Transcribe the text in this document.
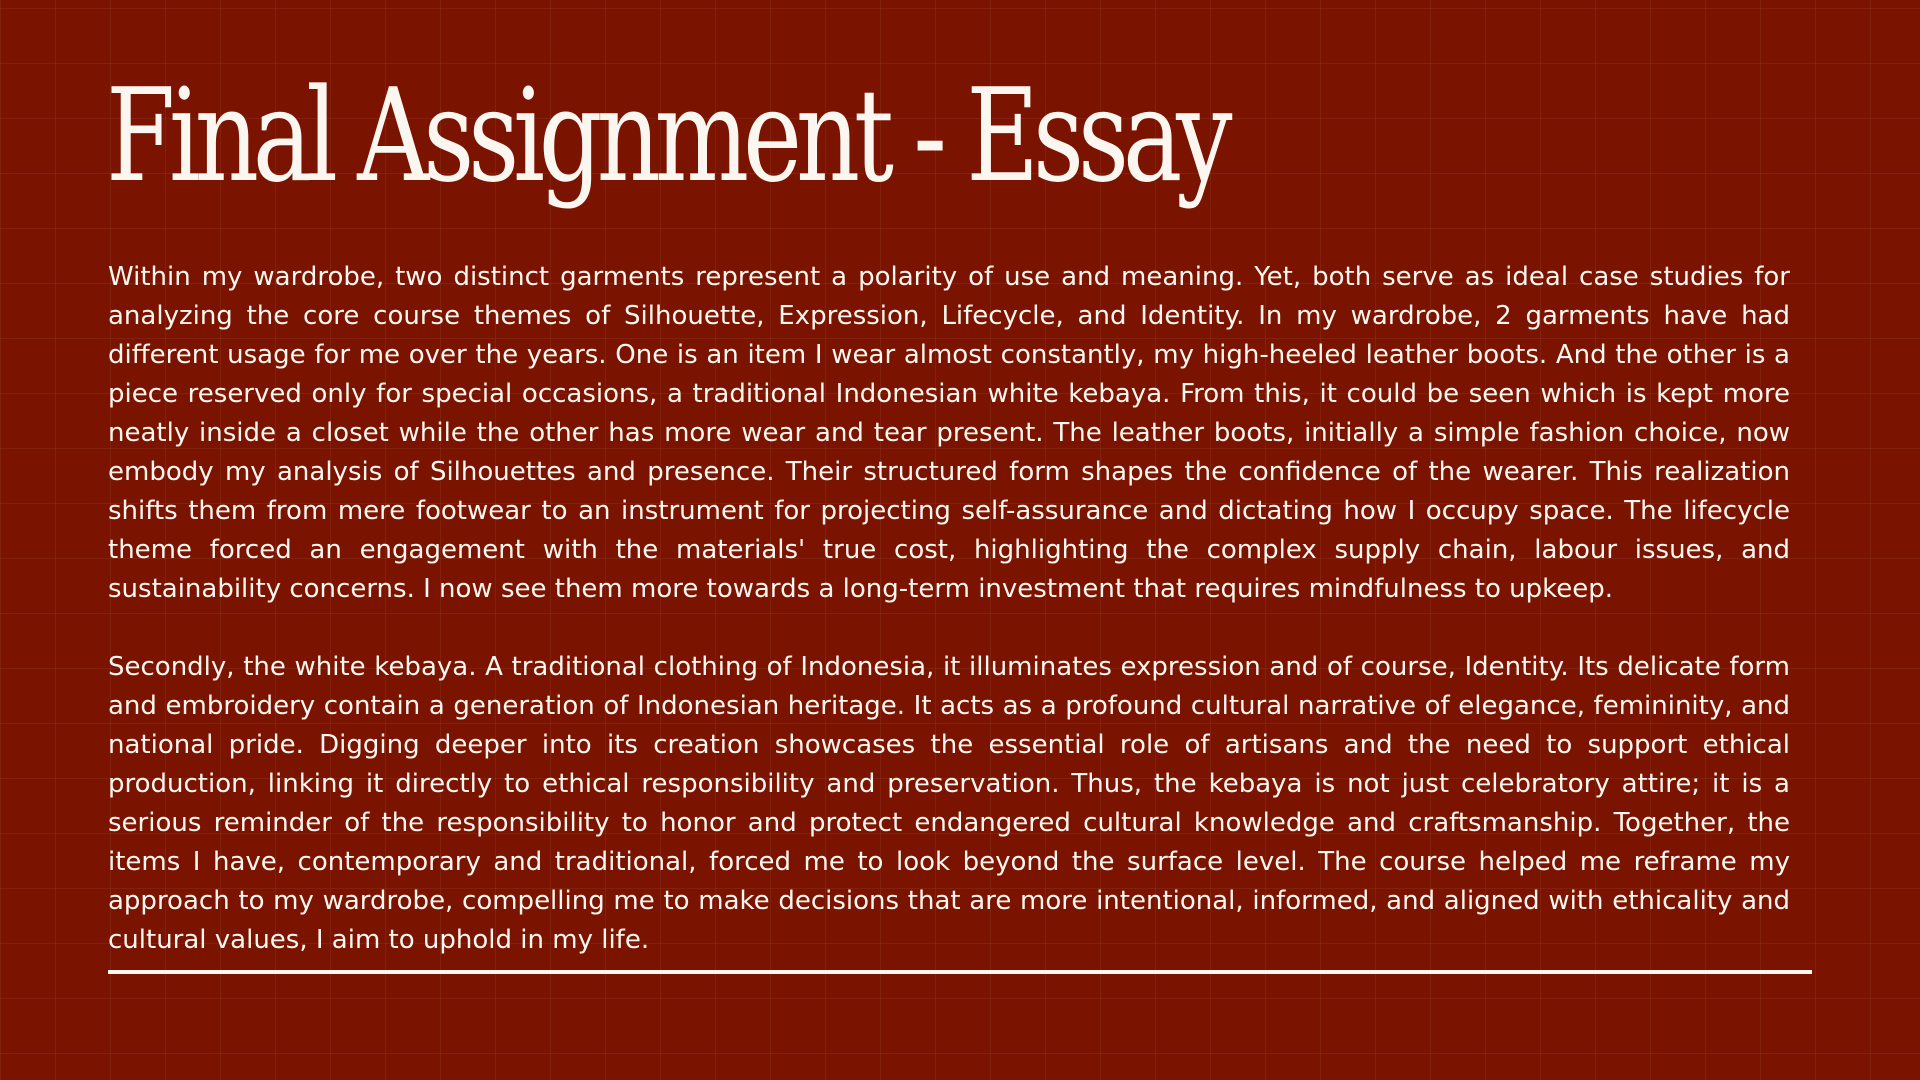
Final Assignment - Essay

Within my wardrobe, two distinct garments represent a polarity of use and meaning. Yet, both serve as ideal case studies for analyzing the core course themes of Silhouette, Expression, Lifecycle, and Identity. In my wardrobe, 2 garments have had different usage for me over the years. One is an item I wear almost constantly, my high-heeled leather boots. And the other is a piece reserved only for special occasions, a traditional Indonesian white kebaya. From this, it could be seen which is kept more neatly inside a closet while the other has more wear and tear present. The leather boots, initially a simple fashion choice, now embody my analysis of Silhouettes and presence. Their structured form shapes the confidence of the wearer. This realization shifts them from mere footwear to an instrument for projecting self-assurance and dictating how I occupy space. The lifecycle theme forced an engagement with the materials' true cost, highlighting the complex supply chain, labour issues, and sustainability concerns. I now see them more towards a long-term investment that requires mindfulness to upkeep.

Secondly, the white kebaya. A traditional clothing of Indonesia, it illuminates expression and of course, Identity. Its delicate form and embroidery contain a generation of Indonesian heritage. It acts as a profound cultural narrative of elegance, femininity, and national pride. Digging deeper into its creation showcases the essential role of artisans and the need to support ethical production, linking it directly to ethical responsibility and preservation. Thus, the kebaya is not just celebratory attire; it is a serious reminder of the responsibility to honor and protect endangered cultural knowledge and craftsmanship. Together, the items I have, contemporary and traditional, forced me to look beyond the surface level. The course helped me reframe my approach to my wardrobe, compelling me to make decisions that are more intentional, informed, and aligned with ethicality and cultural values, I aim to uphold in my life.
